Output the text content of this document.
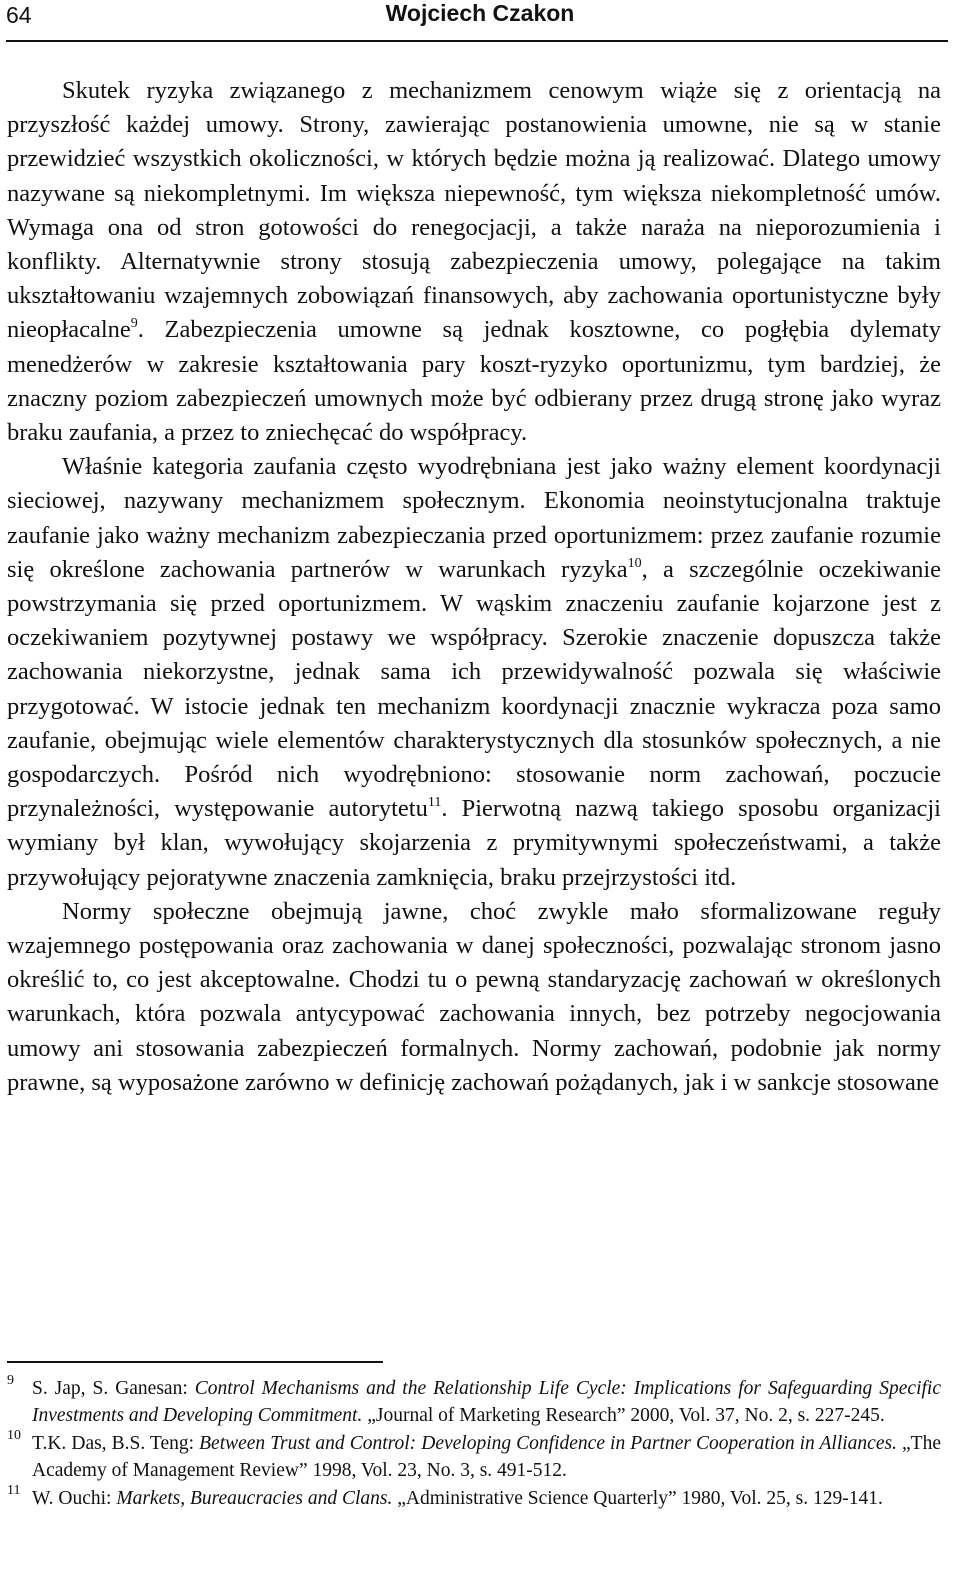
64	Wojciech Czakon

Skutek ryzyka związanego z mechanizmem cenowym wiąże się z orientacją na przyszłość każdej umowy. Strony, zawierając postanowienia umowne, nie są w stanie przewidzieć wszystkich okoliczności, w których będzie można ją realizować. Dlatego umowy nazywane są niekompletnymi. Im większa niepewność, tym większa niekompletność umów. Wymaga ona od stron gotowości do renegocjacji, a także naraża na nieporozumienia i konflikty. Alternatywnie strony stosują zabezpieczenia umowy, polegające na takim ukształtowaniu wzajemnych zobowiązań finansowych, aby zachowania oportunistyczne były nieopłacalne$^9$. Zabezpieczenia umowne są jednak kosztowne, co pogłębia dylematy menedżerów w zakresie kształtowania pary koszt-ryzyko oportunizmu, tym bardziej, że znaczny poziom zabezpieczeń umownych może być odbierany przez drugą stronę jako wyraz braku zaufania, a przez to zniechęcać do współpracy.

Właśnie kategoria zaufania często wyodrębniana jest jako ważny element koordynacji sieciowej, nazywany mechanizmem społecznym. Ekonomia neoinstytucjonalna traktuje zaufanie jako ważny mechanizm zabezpieczania przed oportunizmem: przez zaufanie rozumie się określone zachowania partnerów w warunkach ryzyka$^{10}$, a szczególnie oczekiwanie powstrzymania się przed oportunizmem. W wąskim znaczeniu zaufanie kojarzone jest z oczekiwaniem pozytywnej postawy we współpracy. Szerokie znaczenie dopuszcza także zachowania niekorzystne, jednak sama ich przewidywalność pozwala się właściwie przygotować. W istocie jednak ten mechanizm koordynacji znacznie wykracza poza samo zaufanie, obejmując wiele elementów charakterystycznych dla stosunków społecznych, a nie gospodarczych. Pośród nich wyodrębniono: stosowanie norm zachowań, poczucie przynależności, występowanie autorytetu$^{11}$. Pierwotną nazwą takiego sposobu organizacji wymiany był klan, wywołujący skojarzenia z prymitywnymi społeczeństwami, a także przywołujący pejoratywne znaczenia zamknięcia, braku przejrzystości itd.

Normy społeczne obejmują jawne, choć zwykle mało sformalizowane reguły wzajemnego postępowania oraz zachowania w danej społeczności, pozwalając stronom jasno określić to, co jest akceptowalne. Chodzi tu o pewną standaryzację zachowań w określonych warunkach, która pozwala antycypować zachowania innych, bez potrzeby negocjowania umowy ani stosowania zabezpieczeń formalnych. Normy zachowań, podobnie jak normy prawne, są wyposażone zarówno w definicję zachowań pożądanych, jak i w sankcje stosowane

9 S. Jap, S. Ganesan: Control Mechanisms and the Relationship Life Cycle: Implications for Safeguarding Specific Investments and Developing Commitment. „Journal of Marketing Research” 2000, Vol. 37, No. 2, s. 227-245.

10 T.K. Das, B.S. Teng: Between Trust and Control: Developing Confidence in Partner Cooperation in Alliances. „The Academy of Management Review” 1998, Vol. 23, No. 3, s. 491-512.

11 W. Ouchi: Markets, Bureaucracies and Clans. „Administrative Science Quarterly” 1980, Vol. 25, s. 129-141.
